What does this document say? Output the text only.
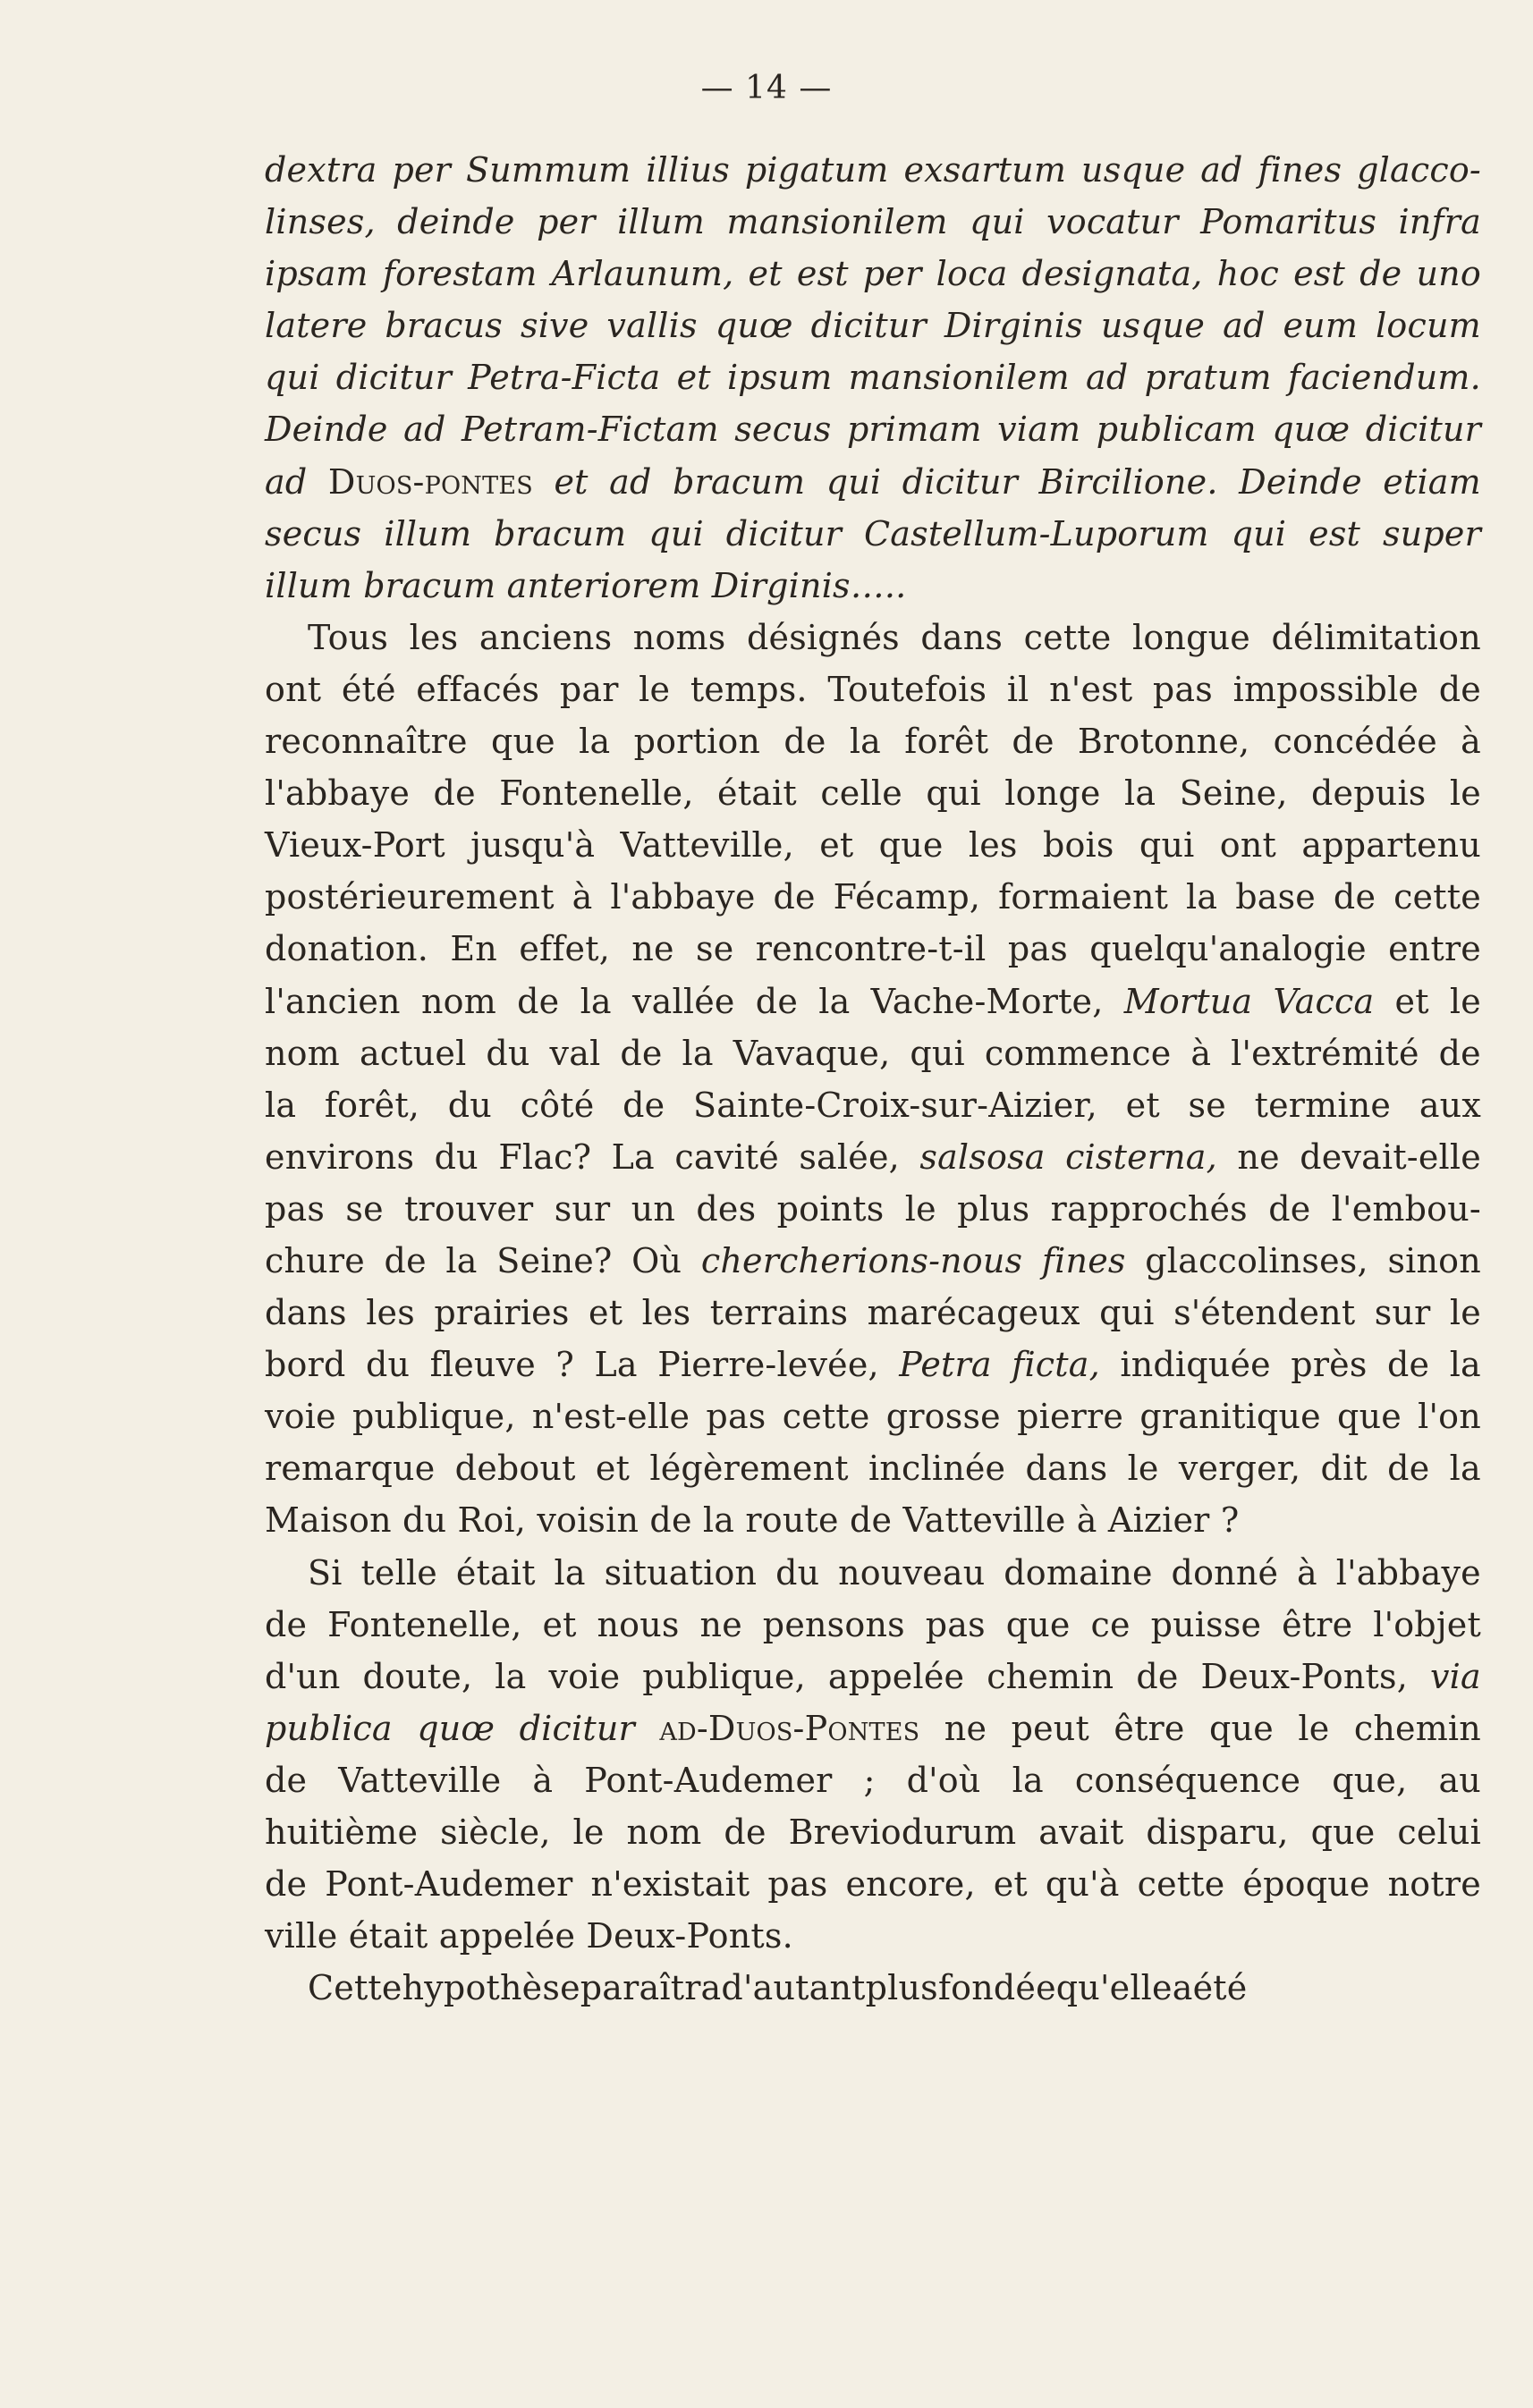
— 14 —
dextra per Summum illius pigatum exsartum usque ad fines glacco-
linses, deinde per illum mansionilem qui vocatur Pomaritus infra
ipsam forestam Arlaunum, et est per loca designata, hoc est de uno
latere bracus sive vallis quœ dicitur Dirginis usque ad eum locum
qui dicitur Petra-Ficta et ipsum mansionilem ad pratum faciendum.
Deinde ad Petram-Fictam secus primam viam publicam quœ dicitur
ad Duos-pontes et ad bracum qui dicitur Bircilione. Deinde etiam
secus illum bracum qui dicitur Castellum-Luporum qui est super
illum bracum anteriorem Dirginis…..
Tous les anciens noms désignés dans cette longue délimitation
ont été effacés par le temps. Toutefois il n'est pas impossible de
reconnaître que la portion de la forêt de Brotonne, concédée à
l'abbaye de Fontenelle, était celle qui longe la Seine, depuis le
Vieux-Port jusqu'à Vatteville, et que les bois qui ont appartenu
postérieurement à l'abbaye de Fécamp, formaient la base de cette
donation. En effet, ne se rencontre-t-il pas quelqu'analogie entre
l'ancien nom de la vallée de la Vache-Morte, Mortua Vacca et le
nom actuel du val de la Vavaque, qui commence à l'extrémité de
la forêt, du côté de Sainte-Croix-sur-Aizier, et se termine aux
environs du Flac? La cavité salée, salsosa cisterna, ne devait-elle
pas se trouver sur un des points le plus rapprochés de l'embou-
chure de la Seine? Où chercherions-nous fines glaccolinses, sinon
dans les prairies et les terrains marécageux qui s'étendent sur le
bord du fleuve ? La Pierre-levée, Petra ficta, indiquée près de la
voie publique, n'est-elle pas cette grosse pierre granitique que l'on
remarque debout et légèrement inclinée dans le verger, dit de la
Maison du Roi, voisin de la route de Vatteville à Aizier ?
Si telle était la situation du nouveau domaine donné à l'abbaye
de Fontenelle, et nous ne pensons pas que ce puisse être l'objet
d'un doute, la voie publique, appelée chemin de Deux-Ponts, via
publica quœ dicitur ad-Duos-Pontes ne peut être que le chemin
de Vatteville à Pont-Audemer ; d'où la conséquence que, au
huitième siècle, le nom de Breviodurum avait disparu, que celui
de Pont-Audemer n'existait pas encore, et qu'à cette époque notre
ville était appelée Deux-Ponts.
Cette hypothèse paraîtra d'autant plus fondée qu'elle a été
